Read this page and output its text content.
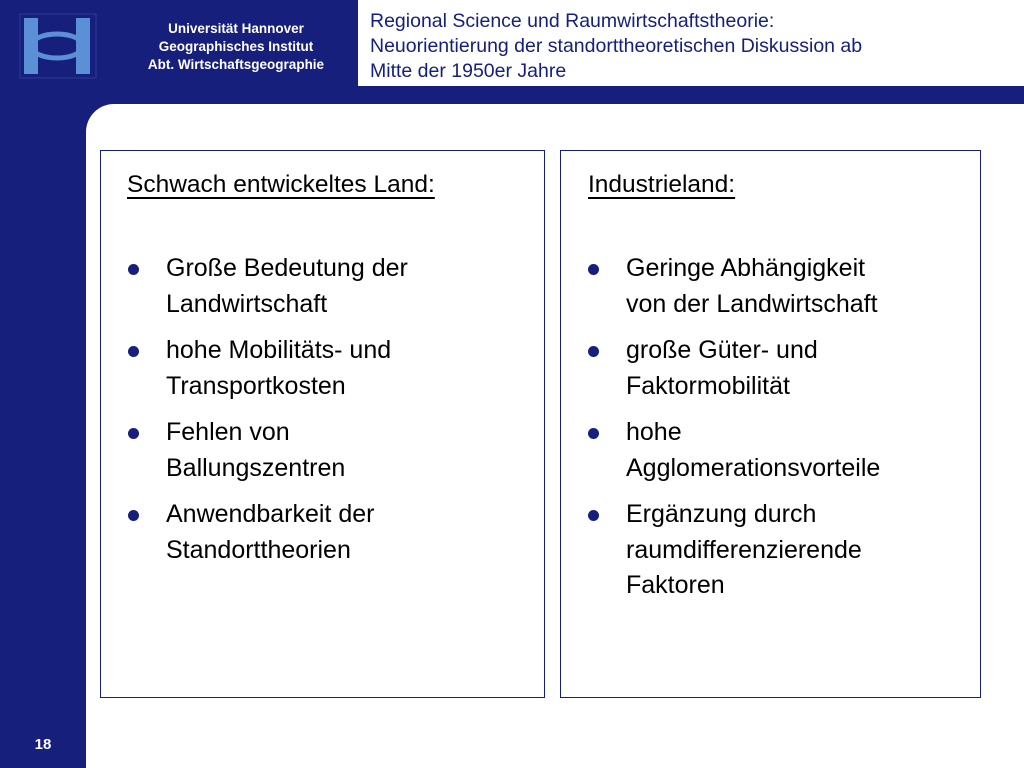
Universität Hannover
Geographisches Institut
Abt. Wirtschaftsgeographie
Regional Science und Raumwirtschaftstheorie:
Neuorientierung der standorttheoretischen Diskussion ab
Mitte der 1950er Jahre
Schwach entwickeltes Land:
Große Bedeutung der
Landwirtschaft
hohe Mobilitäts- und
Transportkosten
Fehlen von
Ballungszentren
Anwendbarkeit der
Standorttheorien
Industrieland:
Geringe Abhängigkeit
von der Landwirtschaft
große Güter- und
Faktormobilität
hohe
Agglomerationsvorteile
Ergänzung durch
raumdifferenzierende
Faktoren
18
